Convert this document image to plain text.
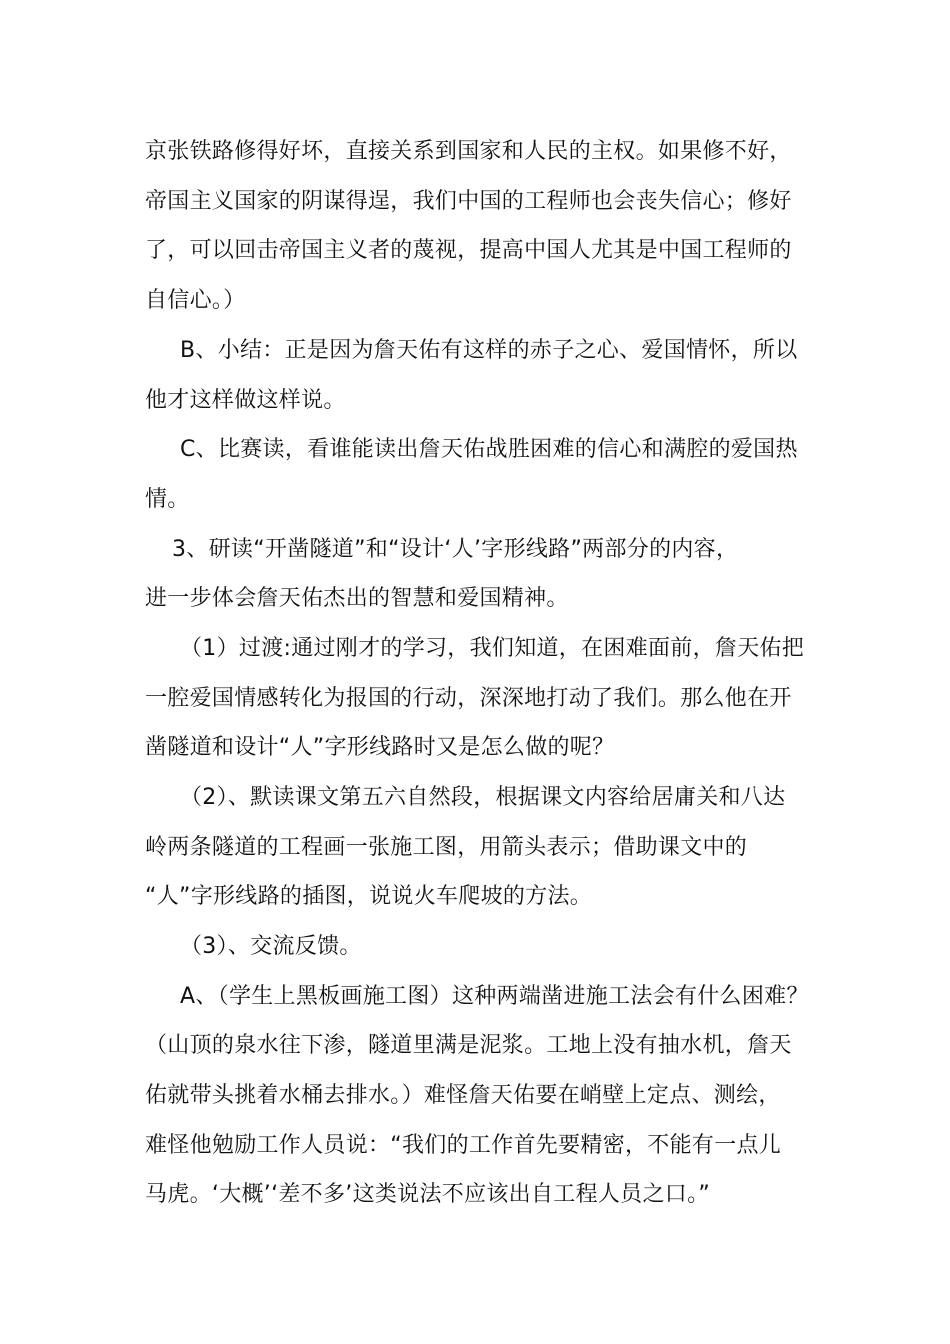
京张铁路修得好坏，直接关系到国家和人民的主权。如果修不好，
帝国主义国家的阴谋得逞，我们中国的工程师也会丧失信心；修好
了，可以回击帝国主义者的蔑视，提高中国人尤其是中国工程师的
自信心。）
B、小结：正是因为詹天佑有这样的赤子之心、爱国情怀，所以
他才这样做这样说。
C、比赛读，看谁能读出詹天佑战胜困难的信心和满腔的爱国热
情。
3、研读“开凿隧道”和“设计‘人’字形线路”两部分的内容，
进一步体会詹天佑杰出的智慧和爱国精神。
（1）过渡:通过刚才的学习，我们知道，在困难面前，詹天佑把
一腔爱国情感转化为报国的行动，深深地打动了我们。那么他在开
凿隧道和设计“人”字形线路时又是怎么做的呢？
（2）、默读课文第五六自然段，根据课文内容给居庸关和八达
岭两条隧道的工程画一张施工图，用箭头表示；借助课文中的
“人”字形线路的插图，说说火车爬坡的方法。
（3）、交流反馈。
A、（学生上黑板画施工图）这种两端凿进施工法会有什么困难？
（山顶的泉水往下渗，隧道里满是泥浆。工地上没有抽水机，詹天
佑就带头挑着水桶去排水。）难怪詹天佑要在峭壁上定点、测绘，
难怪他勉励工作人员说：“我们的工作首先要精密，不能有一点儿
马虎。‘大概’‘差不多’这类说法不应该出自工程人员之口。”
